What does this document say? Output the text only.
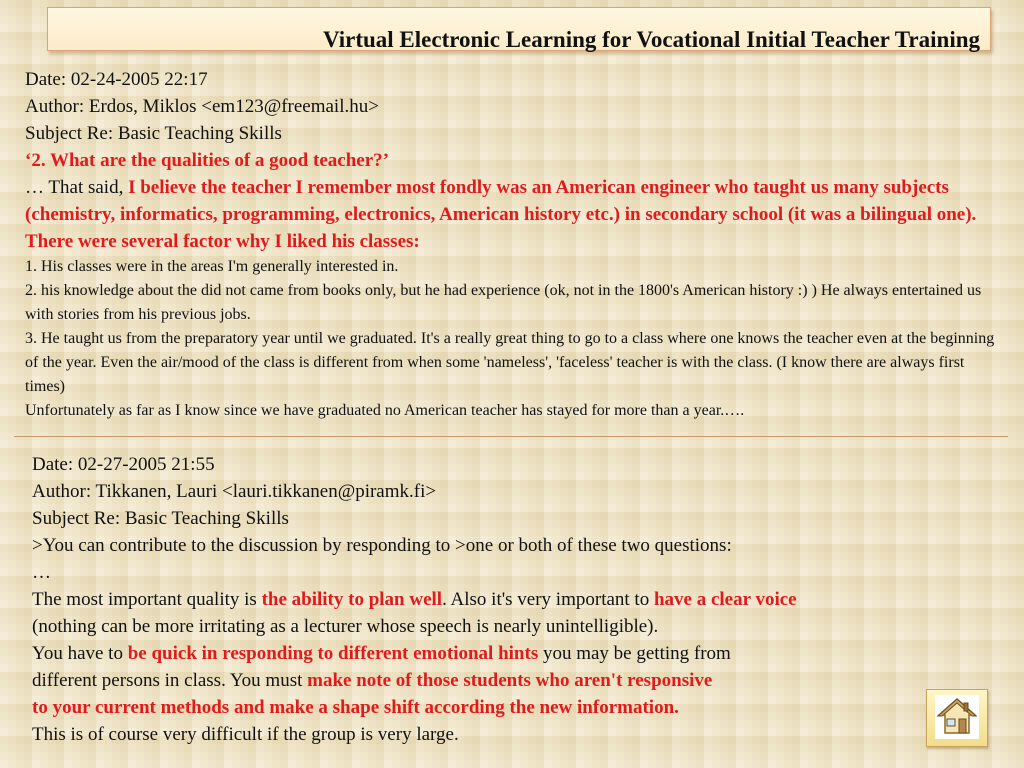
Virtual Electronic Learning for Vocational Initial Teacher Training
Date: 02-24-2005 22:17
Author: Erdos, Miklos <em123@freemail.hu>
Subject Re: Basic Teaching Skills
‘2. What are the qualities of a good teacher?’
… That said, I believe the teacher I remember most fondly was an American engineer who taught us many subjects (chemistry, informatics, programming, electronics, American history etc.) in secondary school (it was a bilingual one). There were several factor why I liked his classes:
1. His classes were in the areas I'm generally interested in.
2. his knowledge about the did not came from books only, but he had experience (ok, not in the 1800's American history :) ) He always entertained us with stories from his previous jobs.
3. He taught us from the preparatory year until we graduated. It's a really great thing to go to a class where one knows the teacher even at the beginning of the year. Even the air/mood of the class is different from when some 'nameless', 'faceless' teacher is with the class. (I know there are always first times)
Unfortunately as far as I know since we have graduated no American teacher has stayed for more than a year.….
Date: 02-27-2005 21:55
Author: Tikkanen, Lauri <lauri.tikkanen@piramk.fi>
Subject Re: Basic Teaching Skills
>You can contribute to the discussion by responding to >one or both of these two questions:
…
The most important quality is the ability to plan well. Also it's very important to have a clear voice
(nothing can be more irritating as a lecturer whose speech is nearly unintelligible).
You have to be quick in responding to different emotional hints you may be getting from
different persons in class. You must make note of those students who aren't responsive
to your current methods and make a shape shift according the new information.
This is of course very difficult if the group is very large.
